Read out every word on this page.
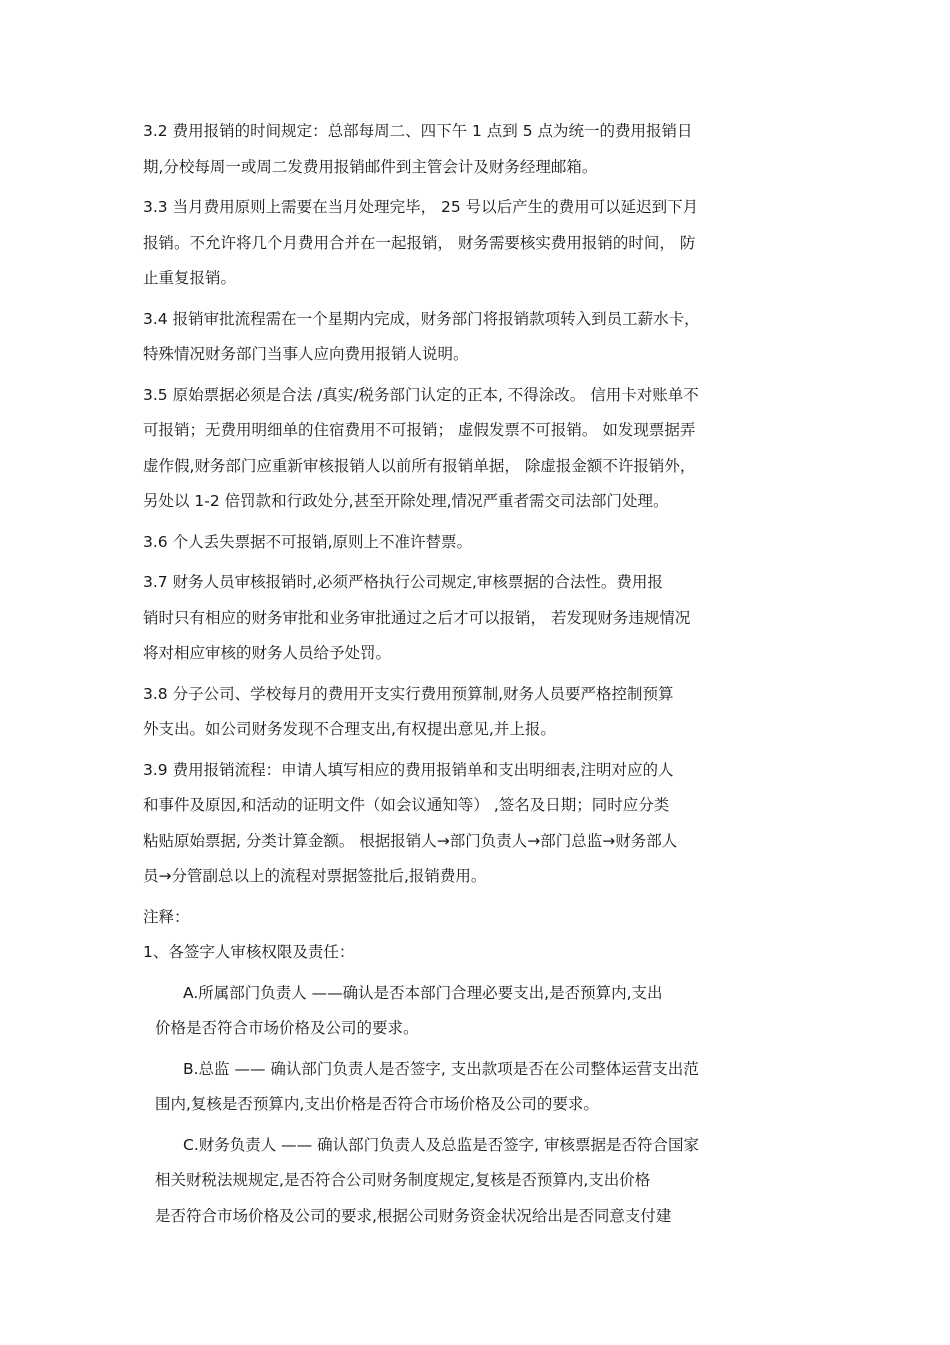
3.2 费用报销的时间规定：总部每周二、四下午 1 点到 5 点为统一的费用报销日
期,分校每周一或周二发费用报销邮件到主管会计及财务经理邮箱。
3.3 当月费用原则上需要在当月处理完毕， 25 号以后产生的费用可以延迟到下月
报销。不允许将几个月费用合并在一起报销， 财务需要核实费用报销的时间， 防
止重复报销。
3.4 报销审批流程需在一个星期内完成，财务部门将报销款项转入到员工薪水卡，
特殊情况财务部门当事人应向费用报销人说明。
3.5 原始票据必须是合法 /真实/税务部门认定的正本, 不得涂改。 信用卡对账单不
可报销；无费用明细单的住宿费用不可报销； 虚假发票不可报销。 如发现票据弄
虚作假,财务部门应重新审核报销人以前所有报销单据， 除虚报金额不许报销外，
另处以 1-2 倍罚款和行政处分,甚至开除处理,情况严重者需交司法部门处理。
3.6 个人丢失票据不可报销,原则上不准许替票。
3.7 财务人员审核报销时,必须严格执行公司规定,审核票据的合法性。费用报
销时只有相应的财务审批和业务审批通过之后才可以报销， 若发现财务违规情况
将对相应审核的财务人员给予处罚。
3.8 分子公司、学校每月的费用开支实行费用预算制,财务人员要严格控制预算
外支出。如公司财务发现不合理支出,有权提出意见,并上报。
3.9 费用报销流程：申请人填写相应的费用报销单和支出明细表,注明对应的人
和事件及原因,和活动的证明文件（如会议通知等） ,签名及日期；同时应分类
粘贴原始票据, 分类计算金额。 根据报销人→部门负责人→部门总监→财务部人
员→分管副总以上的流程对票据签批后,报销费用。
注释：
1、各签字人审核权限及责任：
A.所属部门负责人 ——确认是否本部门合理必要支出,是否预算内,支出
价格是否符合市场价格及公司的要求。
B.总监 —— 确认部门负责人是否签字, 支出款项是否在公司整体运营支出范
围内,复核是否预算内,支出价格是否符合市场价格及公司的要求。
C.财务负责人 —— 确认部门负责人及总监是否签字, 审核票据是否符合国家
相关财税法规规定,是否符合公司财务制度规定,复核是否预算内,支出价格
是否符合市场价格及公司的要求,根据公司财务资金状况给出是否同意支付建
